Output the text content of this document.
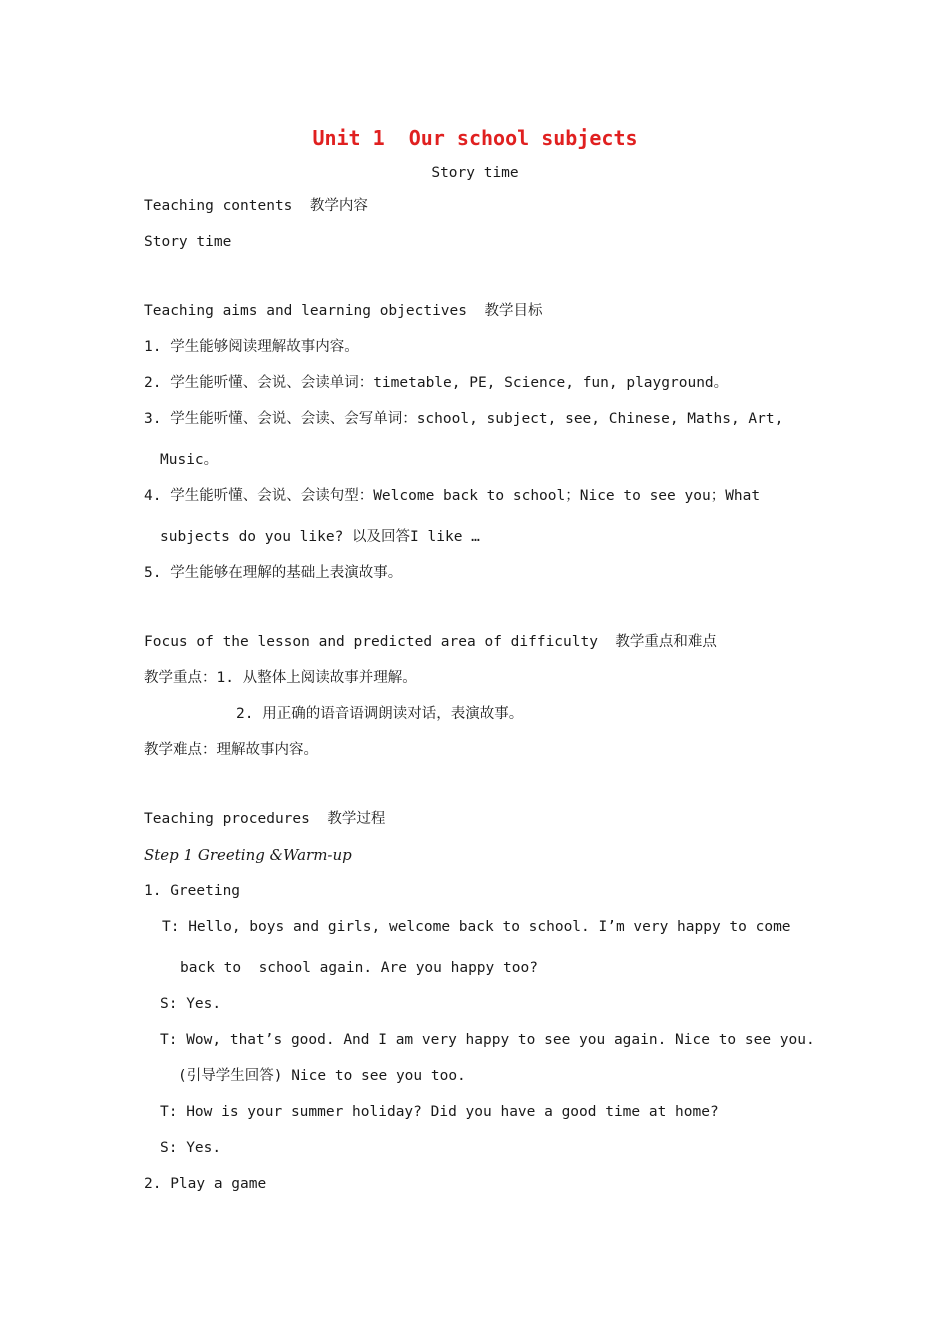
Unit 1  Our school subjects
Story time
Teaching contents  教学内容
Story time
Teaching aims and learning objectives  教学目标
1. 学生能够阅读理解故事内容。
2. 学生能听懂、会说、会读单词：timetable, PE, Science, fun, playground。
3. 学生能听懂、会说、会读、会写单词：school, subject, see, Chinese, Maths, Art,
Music。
4. 学生能听懂、会说、会读句型：Welcome back to school；Nice to see you；What
subjects do you like? 以及回答I like …
5. 学生能够在理解的基础上表演故事。
Focus of the lesson and predicted area of difficulty  教学重点和难点
教学重点：1. 从整体上阅读故事并理解。
2. 用正确的语音语调朗读对话，表演故事。
教学难点：理解故事内容。
Teaching procedures  教学过程
Step 1 Greeting &Warm-up
1. Greeting
T: Hello, boys and girls, welcome back to school. I’m very happy to come
back to  school again. Are you happy too?
S: Yes.
T: Wow, that’s good. And I am very happy to see you again. Nice to see you.
(引导学生回答) Nice to see you too.
T: How is your summer holiday? Did you have a good time at home?
S: Yes.
2. Play a game
